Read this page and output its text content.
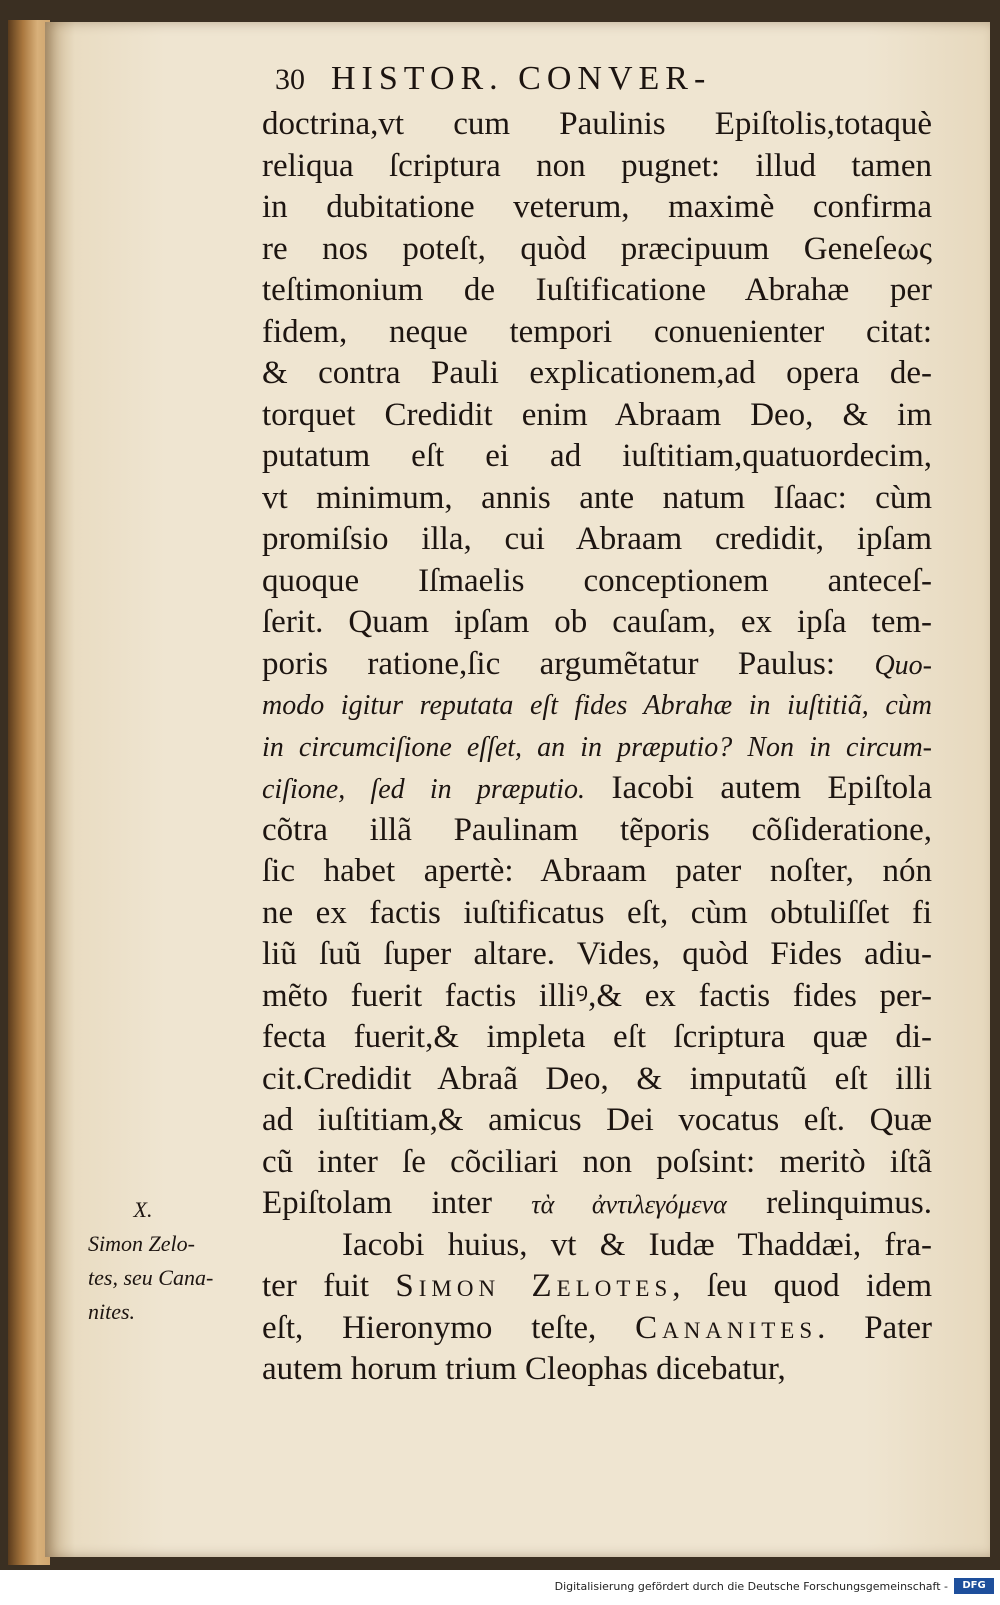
30 HISTOR. CONVER-
doctrina,vt cum Paulinis Epiſtolis,totaquè
reliqua ſcriptura non pugnet: illud tamen
in dubitatione veterum, maximè confirma
re nos poteſt, quòd præcipuum Geneſeως
teſtimonium de Iuſtificatione Abrahæ per
fidem, neque tempori conuenienter citat:
& contra Pauli explicationem,ad opera de-
torquet Credidit enim Abraam Deo, & im
putatum eſt ei ad iuſtitiam,quatuordecim,
vt minimum, annis ante natum Iſaac: cùm
promiſsio illa, cui Abraam credidit, ipſam
quoque Iſmaelis conceptionem anteceſ-
ſerit. Quam ipſam ob cauſam, ex ipſa tem-
poris ratione,ſic argumẽtatur Paulus: Quo-
modo igitur reputata eſt fides Abrahæ in iuſtitiã, cùm
in circumciſione eſſet, an in præputio? Non in circum-
ciſione, ſed in præputio. Iacobi autem Epiſtola
cõtra illã Paulinam tẽporis cõſideratione,
ſic habet apertè: Abraam pater noſter, nón
ne ex factis iuſtificatus eſt, cùm obtuliſſet fi
liũ ſuũ ſuper altare. Vides, quòd Fides adiu-
mẽto fuerit factis illiꝰ,& ex factis fides per-
fecta fuerit,& impleta eſt ſcriptura quæ di-
cit.Credidit Abraã Deo, & imputatũ eſt illi
ad iuſtitiam,& amicus Dei vocatus eſt. Quæ
cũ inter ſe cõciliari non poſsint: meritò iſtã
Epiſtolam inter τὰ ἀντιλεγόμενα relinquimus.
Iacobi huius, vt & Iudæ Thaddæi, fra-
ter fuit Simon Zelotes, ſeu quod idem
eſt, Hieronymo teſte, Cananites. Pater
autem horum trium Cleophas dicebatur,
X.
Simon Zelo-
tes, seu Cana-
nites.
Digitalisierung gefördert durch die Deutsche Forschungsgemeinschaft -	DFG
